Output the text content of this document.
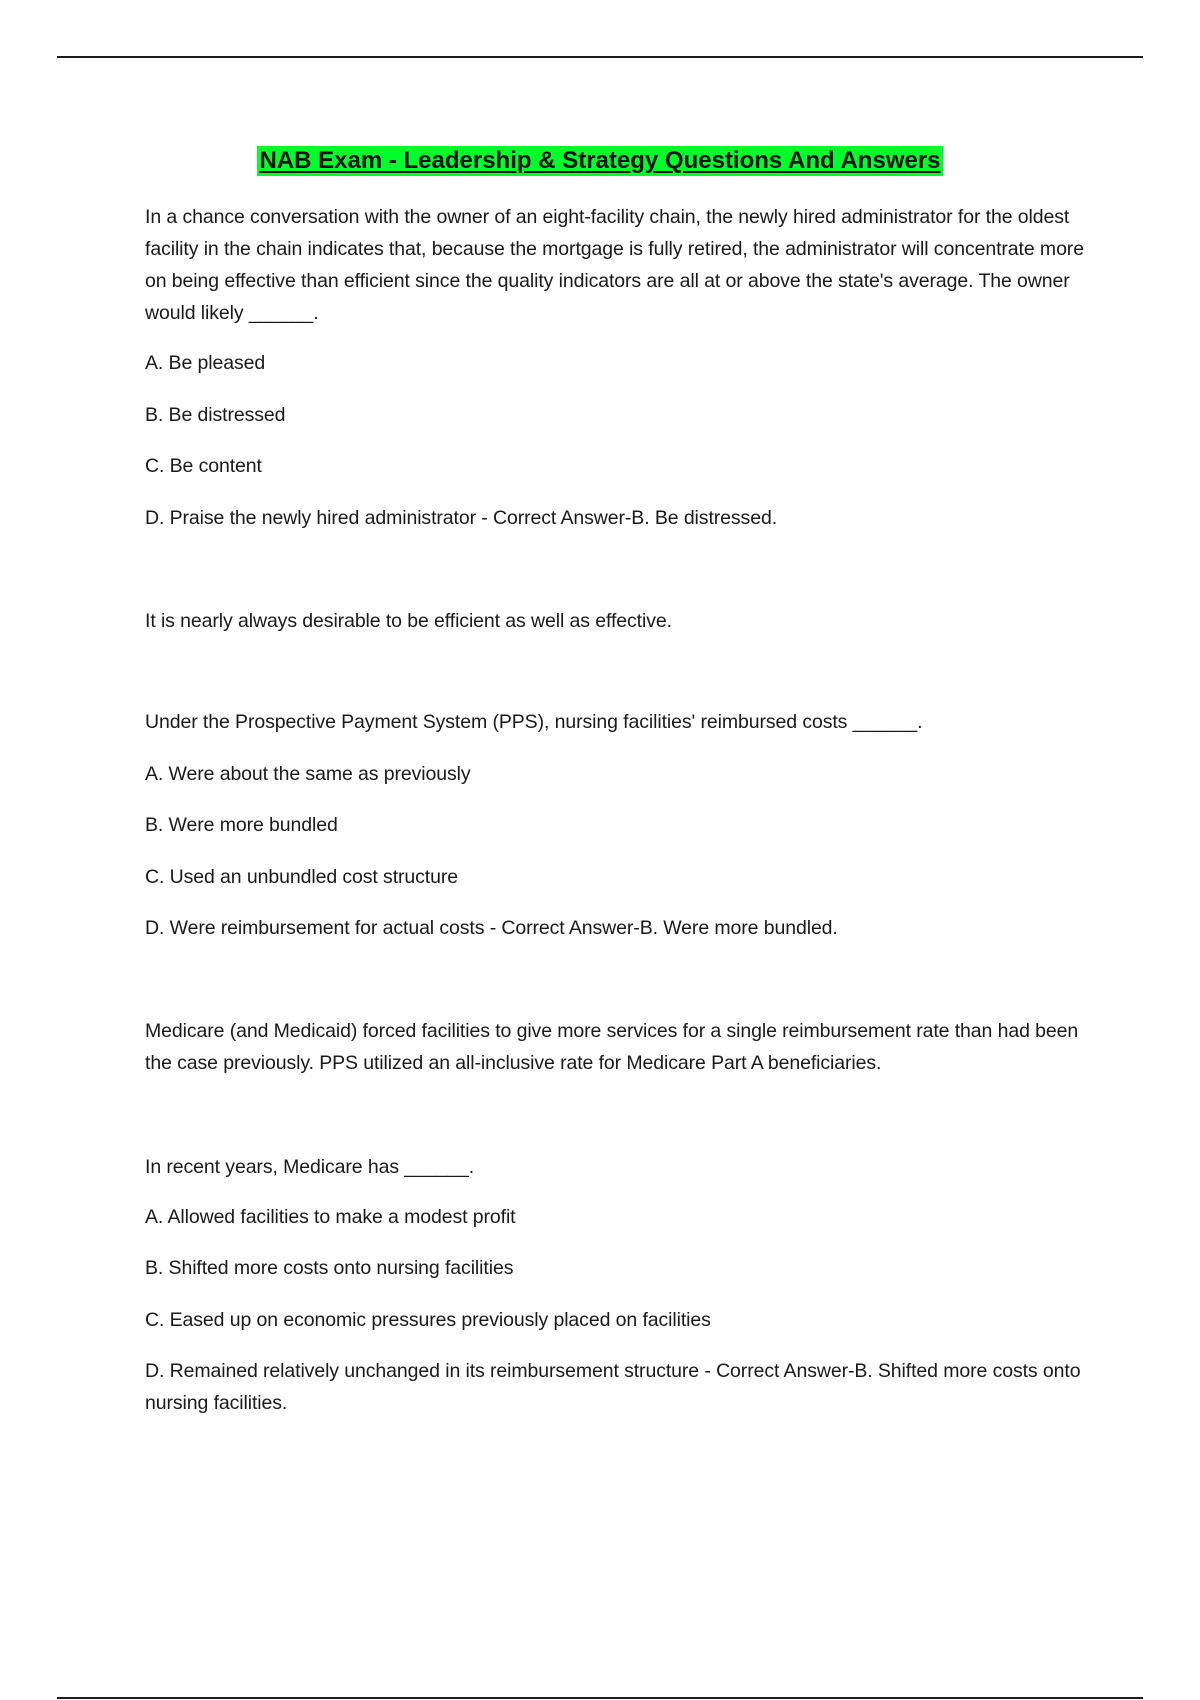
NAB Exam - Leadership & Strategy Questions And Answers
In a chance conversation with the owner of an eight-facility chain, the newly hired administrator for the oldest facility in the chain indicates that, because the mortgage is fully retired, the administrator will concentrate more on being effective than efficient since the quality indicators are all at or above the state's average. The owner would likely ______.
A. Be pleased
B. Be distressed
C. Be content
D. Praise the newly hired administrator - Correct Answer-B. Be distressed.
It is nearly always desirable to be efficient as well as effective.
Under the Prospective Payment System (PPS), nursing facilities' reimbursed costs ______.
A. Were about the same as previously
B. Were more bundled
C. Used an unbundled cost structure
D. Were reimbursement for actual costs - Correct Answer-B. Were more bundled.
Medicare (and Medicaid) forced facilities to give more services for a single reimbursement rate than had been the case previously. PPS utilized an all-inclusive rate for Medicare Part A beneficiaries.
In recent years, Medicare has ______.
A. Allowed facilities to make a modest profit
B. Shifted more costs onto nursing facilities
C. Eased up on economic pressures previously placed on facilities
D. Remained relatively unchanged in its reimbursement structure - Correct Answer-B. Shifted more costs onto nursing facilities.
